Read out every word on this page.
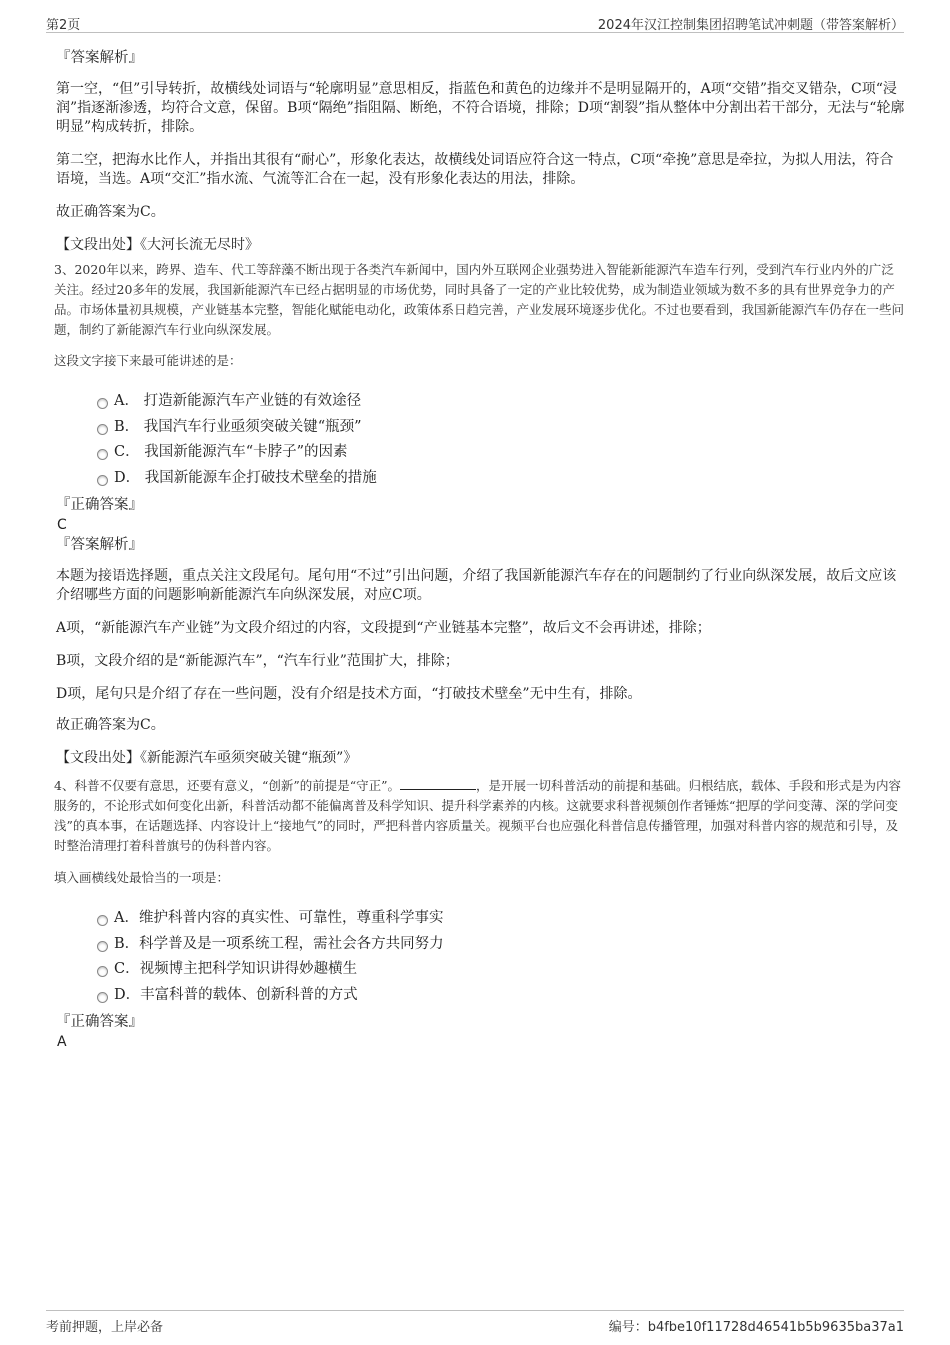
第2页	2024年汉江控制集团招聘笔试冲刺题（带答案解析）

『答案解析』

第一空，“但”引导转折，故横线处词语与“轮廓明显”意思相反，指蓝色和黄色的边缘并不是明显隔开的，A项“交错”指交叉错杂，C项“浸润”指逐渐渗透，均符合文意，保留。B项“隔绝”指阻隔、断绝，不符合语境，排除；D项“割裂”指从整体中分割出若干部分，无法与“轮廓明显”构成转折，排除。

第二空，把海水比作人，并指出其很有“耐心”，形象化表达，故横线处词语应符合这一特点，C项“牵挽”意思是牵拉，为拟人用法，符合语境，当选。A项“交汇”指水流、气流等汇合在一起，没有形象化表达的用法，排除。

故正确答案为C。

【文段出处】《大河长流无尽时》

3、2020年以来，跨界、造车、代工等辞藻不断出现于各类汽车新闻中，国内外互联网企业强势进入智能新能源汽车造车行列，受到汽车行业内外的广泛关注。经过20多年的发展，我国新能源汽车已经占据明显的市场优势，同时具备了一定的产业比较优势，成为制造业领域为数不多的具有世界竞争力的产品。市场体量初具规模，产业链基本完整，智能化赋能电动化，政策体系日趋完善，产业发展环境逐步优化。不过也要看到，我国新能源汽车仍存在一些问题，制约了新能源汽车行业向纵深发展。

这段文字接下来最可能讲述的是：

A． 打造新能源汽车产业链的有效途径
B． 我国汽车行业亟须突破关键“瓶颈”
C． 我国新能源汽车“卡脖子”的因素
D． 我国新能源车企打破技术壁垒的措施

『正确答案』

C

『答案解析』

本题为接语选择题，重点关注文段尾句。尾句用“不过”引出问题，介绍了我国新能源汽车存在的问题制约了行业向纵深发展，故后文应该介绍哪些方面的问题影响新能源汽车向纵深发展，对应C项。

A项，“新能源汽车产业链”为文段介绍过的内容，文段提到“产业链基本完整”，故后文不会再讲述，排除；

B项，文段介绍的是“新能源汽车”，“汽车行业”范围扩大，排除；

D项，尾句只是介绍了存在一些问题，没有介绍是技术方面，“打破技术壁垒”无中生有，排除。

故正确答案为C。

【文段出处】《新能源汽车亟须突破关键“瓶颈”》

4、科普不仅要有意思，还要有意义，“创新”的前提是“守正”。	，是开展一切科普活动的前提和基础。归根结底，载体、手段和形式是为内容服务的，不论形式如何变化出新，科普活动都不能偏离普及科学知识、提升科学素养的内核。这就要求科普视频创作者锤炼“把厚的学问变薄、深的学问变浅”的真本事，在话题选择、内容设计上“接地气”的同时，严把科普内容质量关。视频平台也应强化科普信息传播管理，加强对科普内容的规范和引导，及时整治清理打着科普旗号的伪科普内容。

填入画横线处最恰当的一项是：

A．维护科普内容的真实性、可靠性，尊重科学事实
B．科学普及是一项系统工程，需社会各方共同努力
C．视频博主把科学知识讲得妙趣横生
D．丰富科普的载体、创新科普的方式

『正确答案』

A

考前押题，上岸必备	编号：b4fbe10f11728d46541b5b9635ba37a1
